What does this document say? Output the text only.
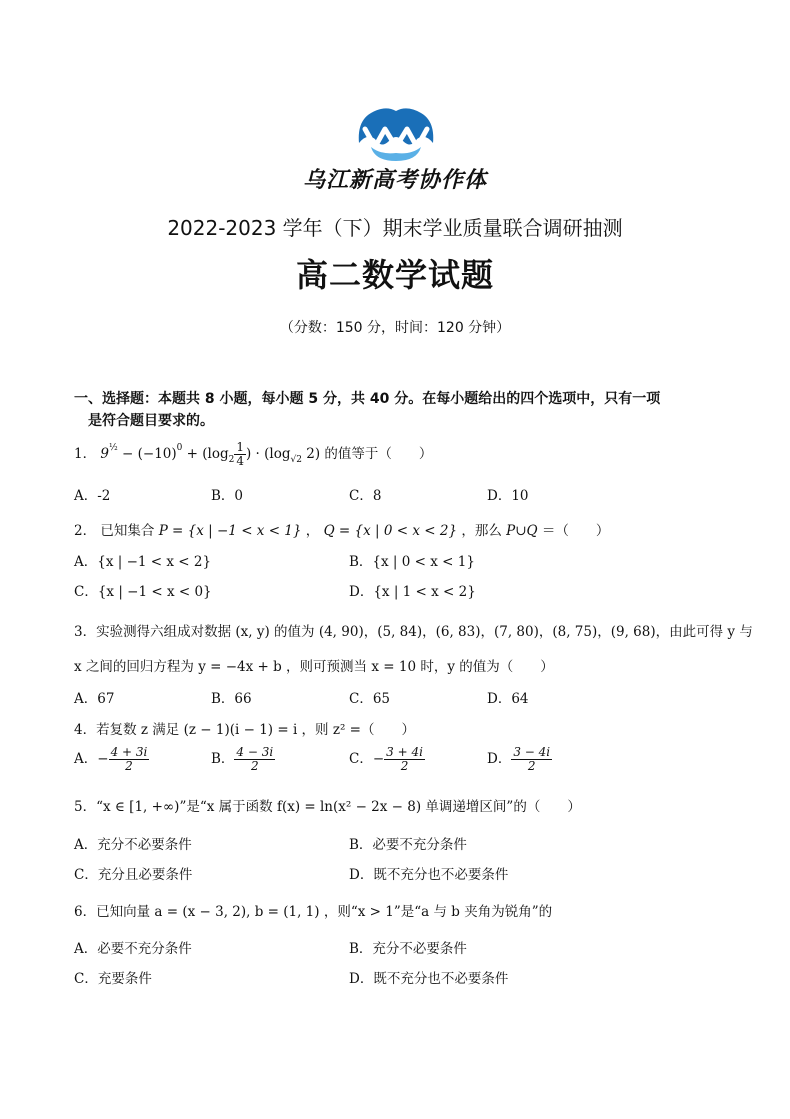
乌江新高考协作体
2022-2023 学年（下）期末学业质量联合调研抽测
高二数学试题
（分数：150 分，时间：120 分钟）
一、选择题：本题共 8 小题，每小题 5 分，共 40 分。在每小题给出的四个选项中，只有一项
是符合题目要求的。
1． $9^{\frac{1}{2}} - (-10)^0 + (\log_2 \frac{1}{4}$ ) · ($\log_{√2}$ 2) 的值等于（　　）
A．-2	B．0	C．8	D．10
2． 已知集合 P = {x | −1 < x < 1} ， Q = {x | 0 < x < 2} ，那么 P∪Q ＝（　　）
A．{x | −1 < x < 2}	B．{x | 0 < x < 1}
C．{x | −1 < x < 0}	D．{x | 1 < x < 2}
3．实验测得六组成对数据 (x, y) 的值为 (4, 90)，(5, 84)，(6, 83)，(7, 80)，(8, 75)，(9, 68)，由此可得 y 与
x 之间的回归方程为 y = −4x + b ，则可预测当 x = 10 时，y 的值为（　　）
A．67	B．66	C．65	D．64
4．若复数 z 满足 (z − 1)(i − 1) = i ，则 z² =（　　）
A．− $\frac{4 + 3i}{2}$	B． $\frac{4 - 3i}{2}$	C．− $\frac{3 + 4i}{2}$	D． $\frac{3 - 4i}{2}$
5．“x ∈ [1, +∞)”是“x 属于函数 f(x) = ln(x² − 2x − 8) 单调递增区间”的（　　）
A．充分不必要条件	B．必要不充分条件
C．充分且必要条件	D．既不充分也不必要条件
6．已知向量 a = (x − 3, 2), b = (1, 1) ，则“x > 1”是“a 与 b 夹角为锐角”的
A．必要不充分条件	B．充分不必要条件
C．充要条件	D．既不充分也不必要条件
